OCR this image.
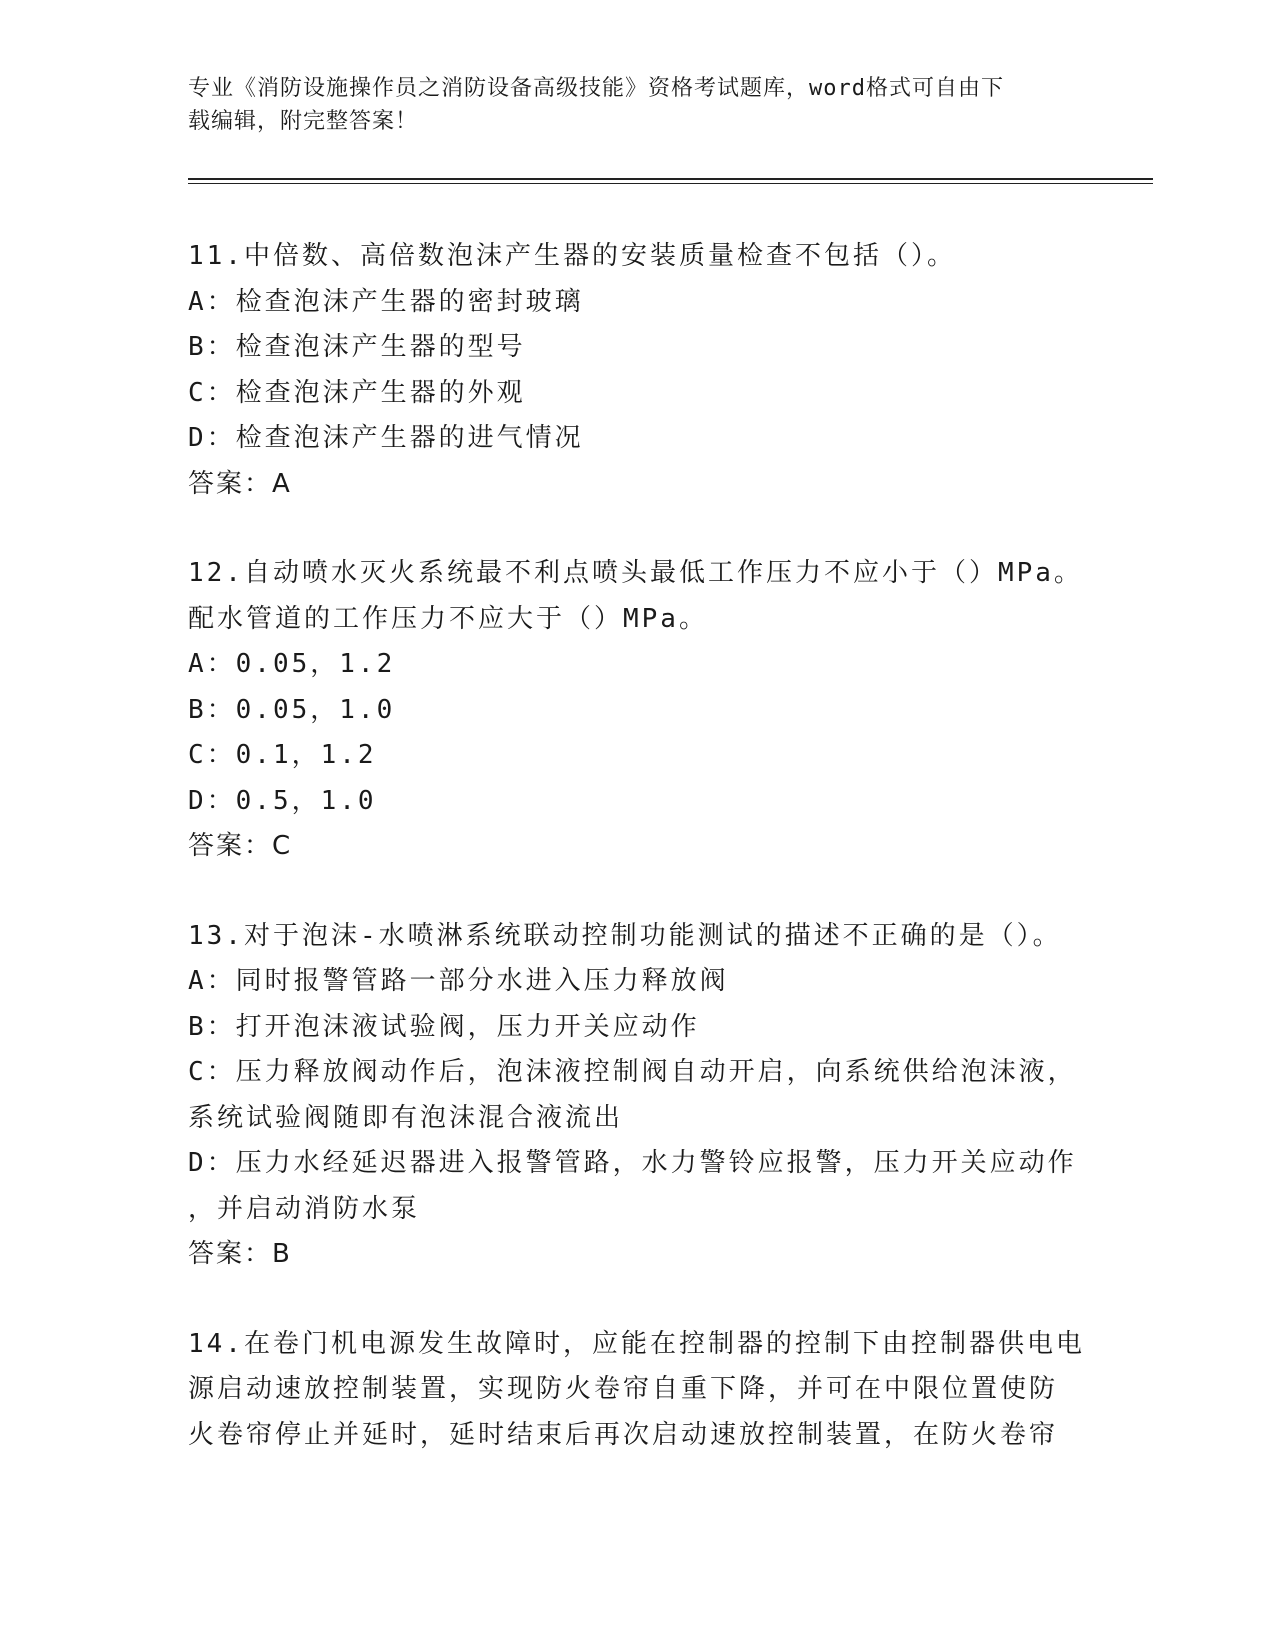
专业《消防设施操作员之消防设备高级技能》资格考试题库，word格式可自由下
载编辑，附完整答案！
11.中倍数、高倍数泡沫产生器的安装质量检查不包括（）。
A：检查泡沫产生器的密封玻璃
B：检查泡沫产生器的型号
C：检查泡沫产生器的外观
D：检查泡沫产生器的进气情况
答案：A
12.自动喷水灭火系统最不利点喷头最低工作压力不应小于（）MPa。
配水管道的工作压力不应大于（）MPa。
A：0.05，1.2
B：0.05，1.0
C：0.1，1.2
D：0.5，1.0
答案：C
13.对于泡沫-水喷淋系统联动控制功能测试的描述不正确的是（）。
A：同时报警管路一部分水进入压力释放阀
B：打开泡沫液试验阀，压力开关应动作
C：压力释放阀动作后，泡沫液控制阀自动开启，向系统供给泡沫液，
系统试验阀随即有泡沫混合液流出
D：压力水经延迟器进入报警管路，水力警铃应报警，压力开关应动作
，并启动消防水泵
答案：B
14.在卷门机电源发生故障时，应能在控制器的控制下由控制器供电电
源启动速放控制装置，实现防火卷帘自重下降，并可在中限位置使防
火卷帘停止并延时，延时结束后再次启动速放控制装置，在防火卷帘
